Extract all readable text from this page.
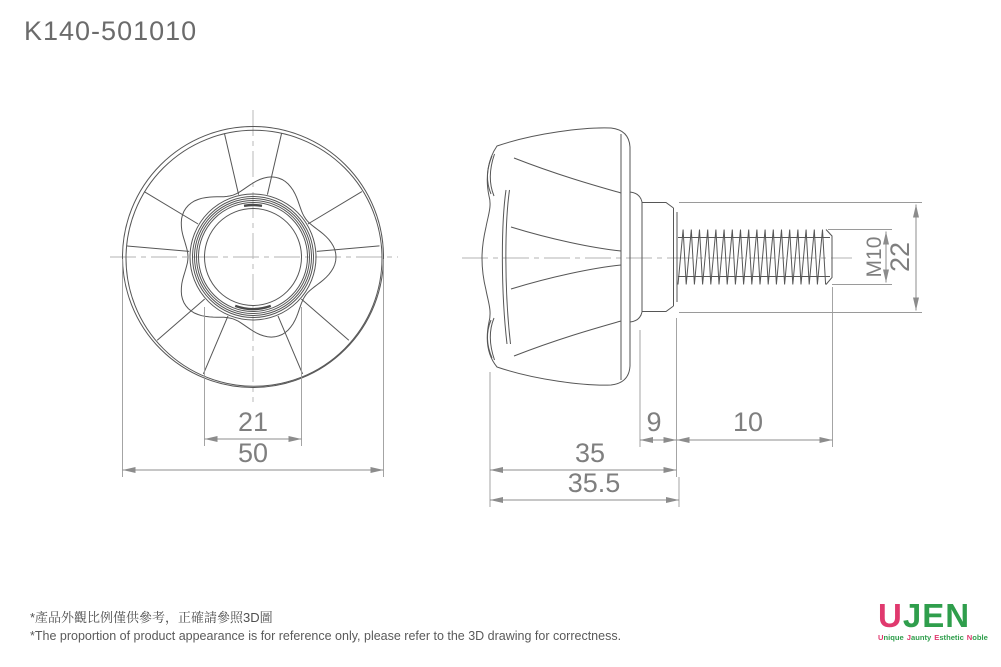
K140-501010
21
50
9	10
35
35.5
M10 22
*產品外觀比例僅供參考，正確請參照3D圖
*The proportion of product appearance is for reference only, please refer to the 3D drawing for correctness.
UJEN
Unique Jaunty Esthetic Noble
